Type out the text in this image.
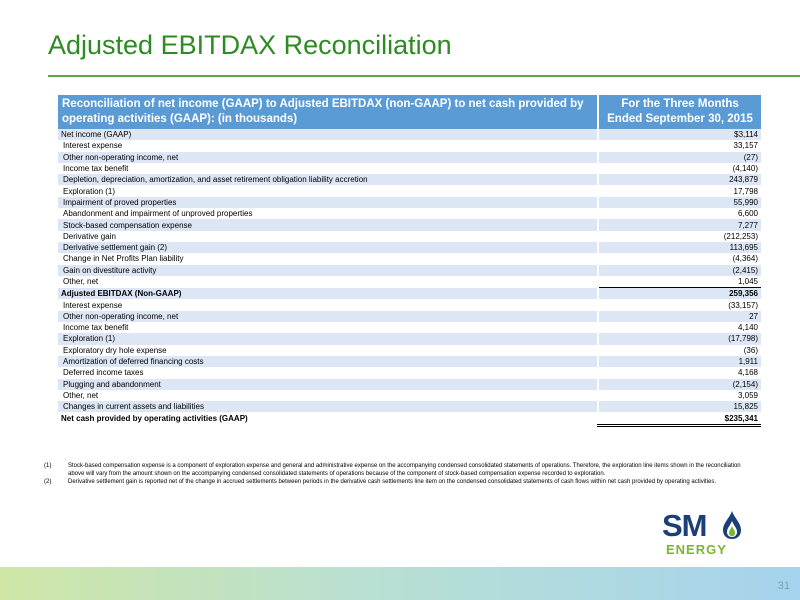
Adjusted EBITDAX Reconciliation
Reconciliation of net income (GAAP) to Adjusted EBITDAX (non-GAAP) to net cash provided by operating activities (GAAP): (in thousands)	For the Three Months Ended September 30, 2015
Net income (GAAP)	$3,114
Interest expense	33,157
Other non-operating income, net	(27)
Income tax benefit	(4,140)
Depletion, depreciation, amortization, and asset retirement obligation liability accretion	243,879
Exploration (1)	17,798
Impairment of proved properties	55,990
Abandonment and impairment of unproved properties	6,600
Stock-based compensation expense	7,277
Derivative gain	(212,253)
Derivative settlement gain (2)	113,695
Change in Net Profits Plan liability	(4,364)
Gain on divestiture activity	(2,415)
Other, net	1,045
Adjusted EBITDAX (Non-GAAP)	259,356
Interest expense	(33,157)
Other non-operating income, net	27
Income tax benefit	4,140
Exploration (1)	(17,798)
Exploratory dry hole expense	(36)
Amortization of deferred financing costs	1,911
Deferred income taxes	4,168
Plugging and abandonment	(2,154)
Other, net	3,059
Changes in current assets and liabilities	15,825
Net cash provided by operating activities (GAAP)	$235,341
(1)	Stock-based compensation expense is a component of exploration expense and general and administrative expense on the accompanying condensed consolidated statements of operations. Therefore, the exploration line items shown in the reconciliation above will vary from the amount shown on the accompanying condensed consolidated statements of operations because of the component of stock-based compensation expense recorded to exploration.
(2)	Derivative settlement gain is reported net of the change in accrued settlements between periods in the derivative cash settlements line item on the condensed consolidated statements of cash flows within net cash provided by operating activities.
SM
ENERGY
31
